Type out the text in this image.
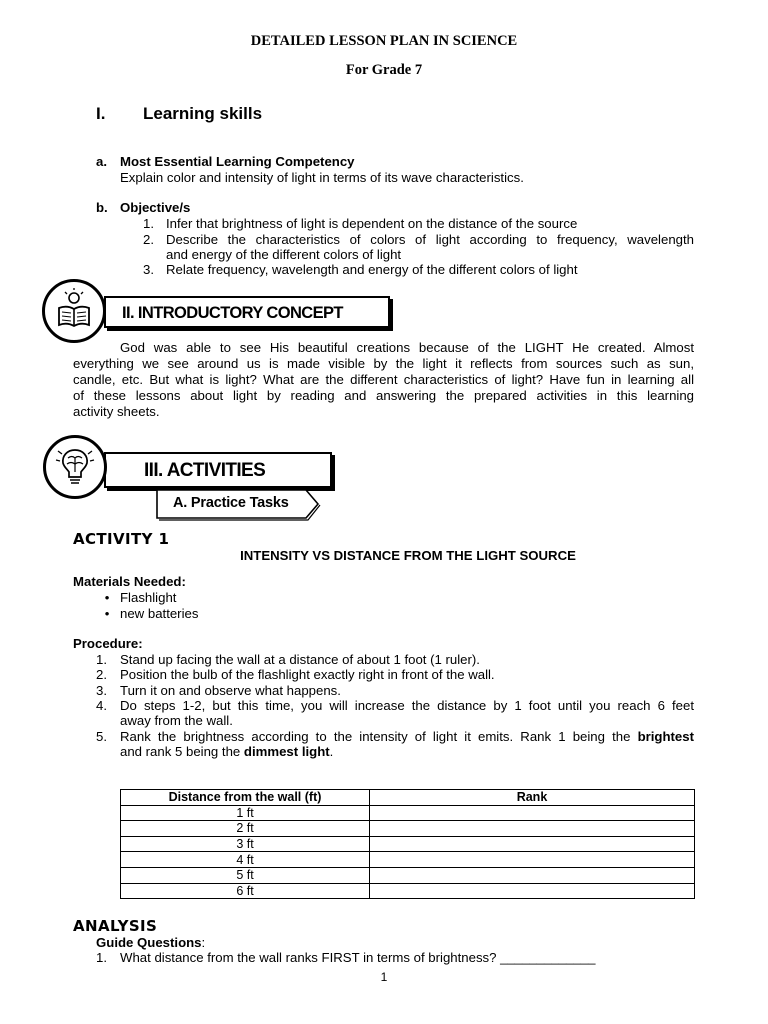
DETAILED LESSON PLAN IN SCIENCE
For Grade 7
I. Learning skills
a. Most Essential Learning Competency
Explain color and intensity of light in terms of its wave characteristics.
b. Objective/s
1. Infer that brightness of light is dependent on the distance of the source
2. Describe the characteristics of colors of light according to frequency, wavelength
and energy of the different colors of light
3. Relate frequency, wavelength and energy of the different colors of light
II. INTRODUCTORY CONCEPT
God was able to see His beautiful creations because of the LIGHT He created. Almost
everything we see around us is made visible by the light it reflects from sources such as sun,
candle, etc. But what is light? What are the different characteristics of light? Have fun in learning all
of these lessons about light by reading and answering the prepared activities in this learning
activity sheets.
III. ACTIVITIES
A. Practice Tasks
ACTIVITY 1
INTENSITY VS DISTANCE FROM THE LIGHT SOURCE
Materials Needed:
• Flashlight
• new batteries
Procedure:
1. Stand up facing the wall at a distance of about 1 foot (1 ruler).
2. Position the bulb of the flashlight exactly right in front of the wall.
3. Turn it on and observe what happens.
4. Do steps 1-2, but this time, you will increase the distance by 1 foot until you reach 6 feet
away from the wall.
5. Rank the brightness according to the intensity of light it emits. Rank 1 being the brightest
and rank 5 being the dimmest light.
Distance from the wall (ft)	Rank
1 ft	
2 ft	
3 ft	
4 ft	
5 ft	
6 ft	
ANALYSIS
Guide Questions:
1. What distance from the wall ranks FIRST in terms of brightness? _____________
1
